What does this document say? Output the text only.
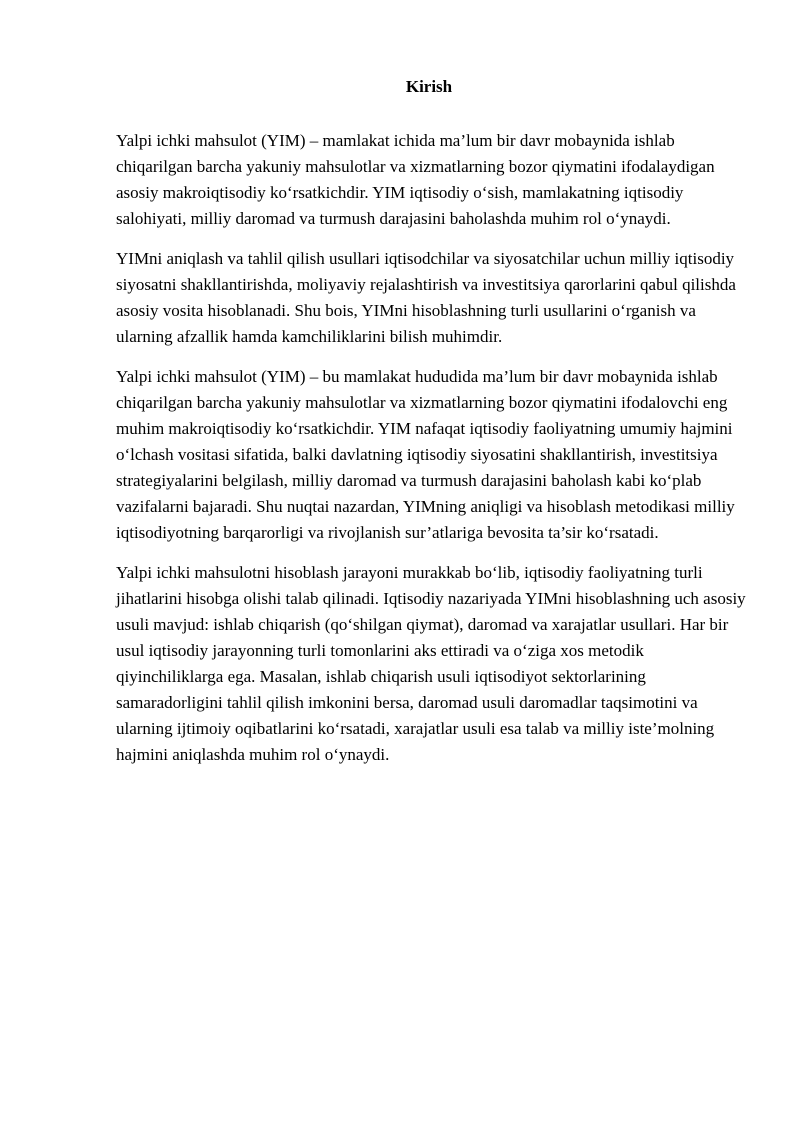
Kirish

Yalpi ichki mahsulot (YIM) – mamlakat ichida ma’lum bir davr mobaynida ishlab chiqarilgan barcha yakuniy mahsulotlar va xizmatlarning bozor qiymatini ifodalaydigan asosiy makroiqtisodiy ko‘rsatkichdir. YIM iqtisodiy o‘sish, mamlakatning iqtisodiy salohiyati, milliy daromad va turmush darajasini baholashda muhim rol o‘ynaydi.

YIMni aniqlash va tahlil qilish usullari iqtisodchilar va siyosatchilar uchun milliy iqtisodiy siyosatni shakllantirishda, moliyaviy rejalashtirish va investitsiya qarorlarini qabul qilishda asosiy vosita hisoblanadi. Shu bois, YIMni hisoblashning turli usullarini o‘rganish va ularning afzallik hamda kamchiliklarini bilish muhimdir.

Yalpi ichki mahsulot (YIM) – bu mamlakat hududida ma’lum bir davr mobaynida ishlab chiqarilgan barcha yakuniy mahsulotlar va xizmatlarning bozor qiymatini ifodalovchi eng muhim makroiqtisodiy ko‘rsatkichdir. YIM nafaqat iqtisodiy faoliyatning umumiy hajmini o‘lchash vositasi sifatida, balki davlatning iqtisodiy siyosatini shakllantirish, investitsiya strategiyalarini belgilash, milliy daromad va turmush darajasini baholash kabi ko‘plab vazifalarni bajaradi. Shu nuqtai nazardan, YIMning aniqligi va hisoblash metodikasi milliy iqtisodiyotning barqarorligi va rivojlanish sur’atlariga bevosita ta’sir ko‘rsatadi.

Yalpi ichki mahsulotni hisoblash jarayoni murakkab bo‘lib, iqtisodiy faoliyatning turli jihatlarini hisobga olishi talab qilinadi. Iqtisodiy nazariyada YIMni hisoblashning uch asosiy usuli mavjud: ishlab chiqarish (qo‘shilgan qiymat), daromad va xarajatlar usullari. Har bir usul iqtisodiy jarayonning turli tomonlarini aks ettiradi va o‘ziga xos metodik qiyinchiliklarga ega. Masalan, ishlab chiqarish usuli iqtisodiyot sektorlarining samaradorligini tahlil qilish imkonini bersa, daromad usuli daromadlar taqsimotini va ularning ijtimoiy oqibatlarini ko‘rsatadi, xarajatlar usuli esa talab va milliy iste’molning hajmini aniqlashda muhim rol o‘ynaydi.
